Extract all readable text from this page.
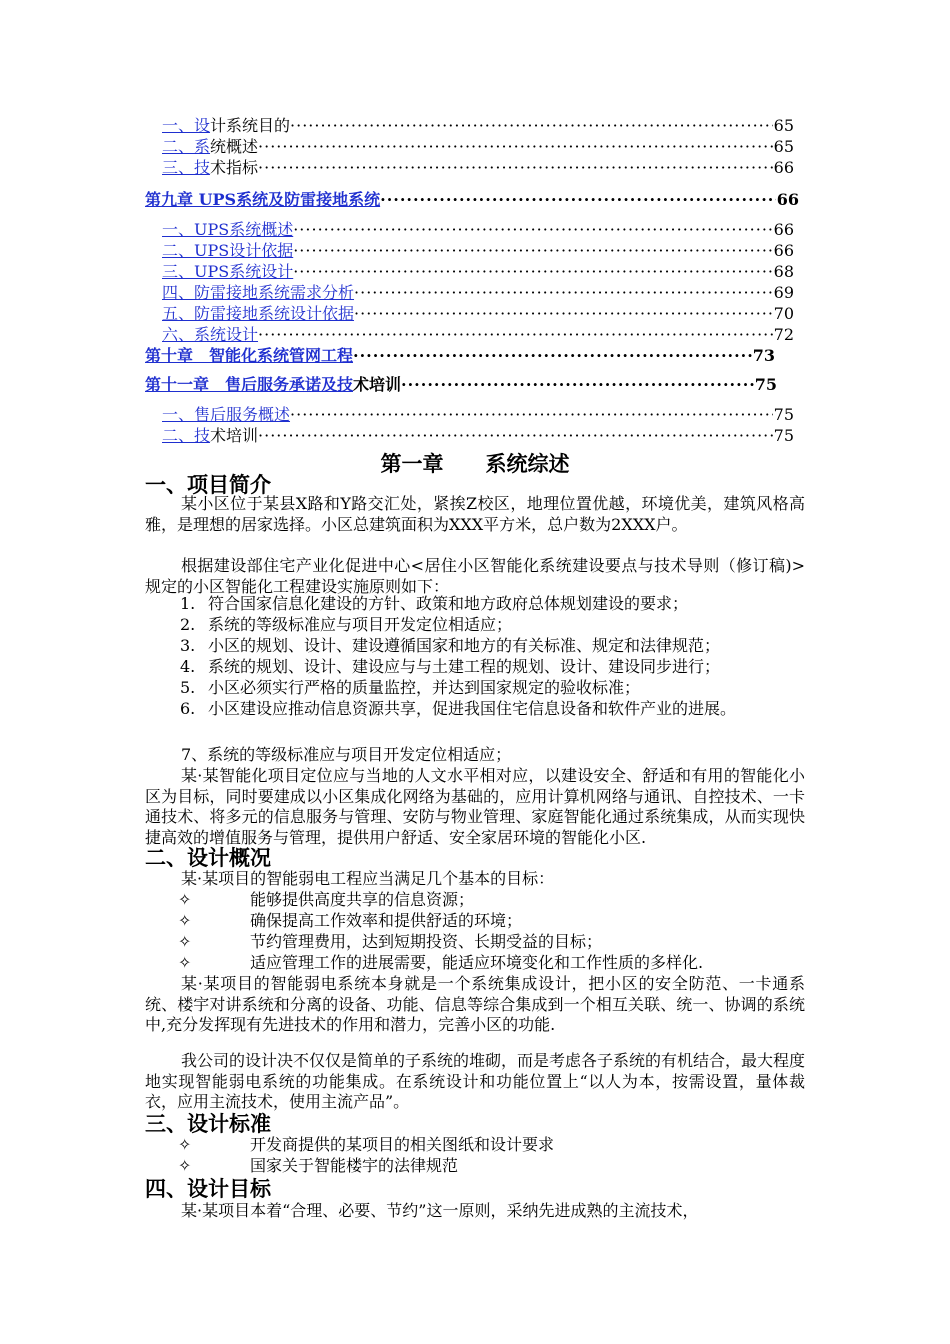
一、设 计系统目的 ·····	65
二、系 统概述 ·····	65
三、技 术指标 ·····	66
第九章 UPS系统及防雷接地系统 ·····	66
一、UPS系统概述 ·····	66
二、UPS设计依据 ·····	66
三、UPS系统设计 ·····	68
四、防雷接地系统需求分析 ·····	69
五、防雷接地系统设计依据 ·····	70
六、系统设计 ·····	72
第十章　智能化系统管网工程 ·····	73
第十一章　售后服务承诺及技 术培训 ·····	75
一、售后服务概述 ·····	75
二、技 术培训 ·····	75
第一章　　系统综述
一、项目简介
某小区位于某县X路和Y路交汇处，紧挨Z校区，地理位置优越，环境优美，建筑风格高雅，是理想的居家选择。小区总建筑面积为XXX平方米，总户数为2XXX户。
根据建设部住宅产业化促进中心<居住小区智能化系统建设要点与技术导则（修订稿)>规定的小区智能化工程建设实施原则如下：
1. 符合国家信息化建设的方针、政策和地方政府总体规划建设的要求；
2. 系统的等级标准应与项目开发定位相适应；
3. 小区的规划、设计、建设遵循国家和地方的有关标准、规定和法律规范；
4. 系统的规划、设计、建设应与与土建工程的规划、设计、建设同步进行；
5. 小区必须实行严格的质量监控，并达到国家规定的验收标准；
6. 小区建设应推动信息资源共享，促进我国住宅信息设备和软件产业的进展。
7、系统的等级标准应与项目开发定位相适应；
某·某智能化项目定位应与当地的人文水平相对应，以建设安全、舒适和有用的智能化小区为目标，同时要建成以小区集成化网络为基础的，应用计算机网络与通讯、自控技术、一卡通技术、将多元的信息服务与管理、安防与物业管理、家庭智能化通过系统集成，从而实现快捷高效的增值服务与管理，提供用户舒适、安全家居环境的智能化小区.
二、设计概况
某·某项目的智能弱电工程应当满足几个基本的目标：
✧	能够提供高度共享的信息资源；
✧	确保提高工作效率和提供舒适的环境；
✧	节约管理费用，达到短期投资、长期受益的目标；
✧	适应管理工作的进展需要，能适应环境变化和工作性质的多样化.
某·某项目的智能弱电系统本身就是一个系统集成设计，把小区的安全防范、一卡通系统、楼宇对讲系统和分离的设备、功能、信息等综合集成到一个相互关联、统一、协调的系统中,充分发挥现有先进技术的作用和潜力，完善小区的功能.
我公司的设计决不仅仅是简单的子系统的堆砌，而是考虑各子系统的有机结合，最大程度地实现智能弱电系统的功能集成。在系统设计和功能位置上“以人为本，按需设置，量体裁衣，应用主流技术，使用主流产品”。
三、设计标准
✧	开发商提供的某项目的相关图纸和设计要求
✧	国家关于智能楼宇的法律规范
四、设计目标
某·某项目本着“合理、必要、节约”这一原则，采纳先进成熟的主流技术，
